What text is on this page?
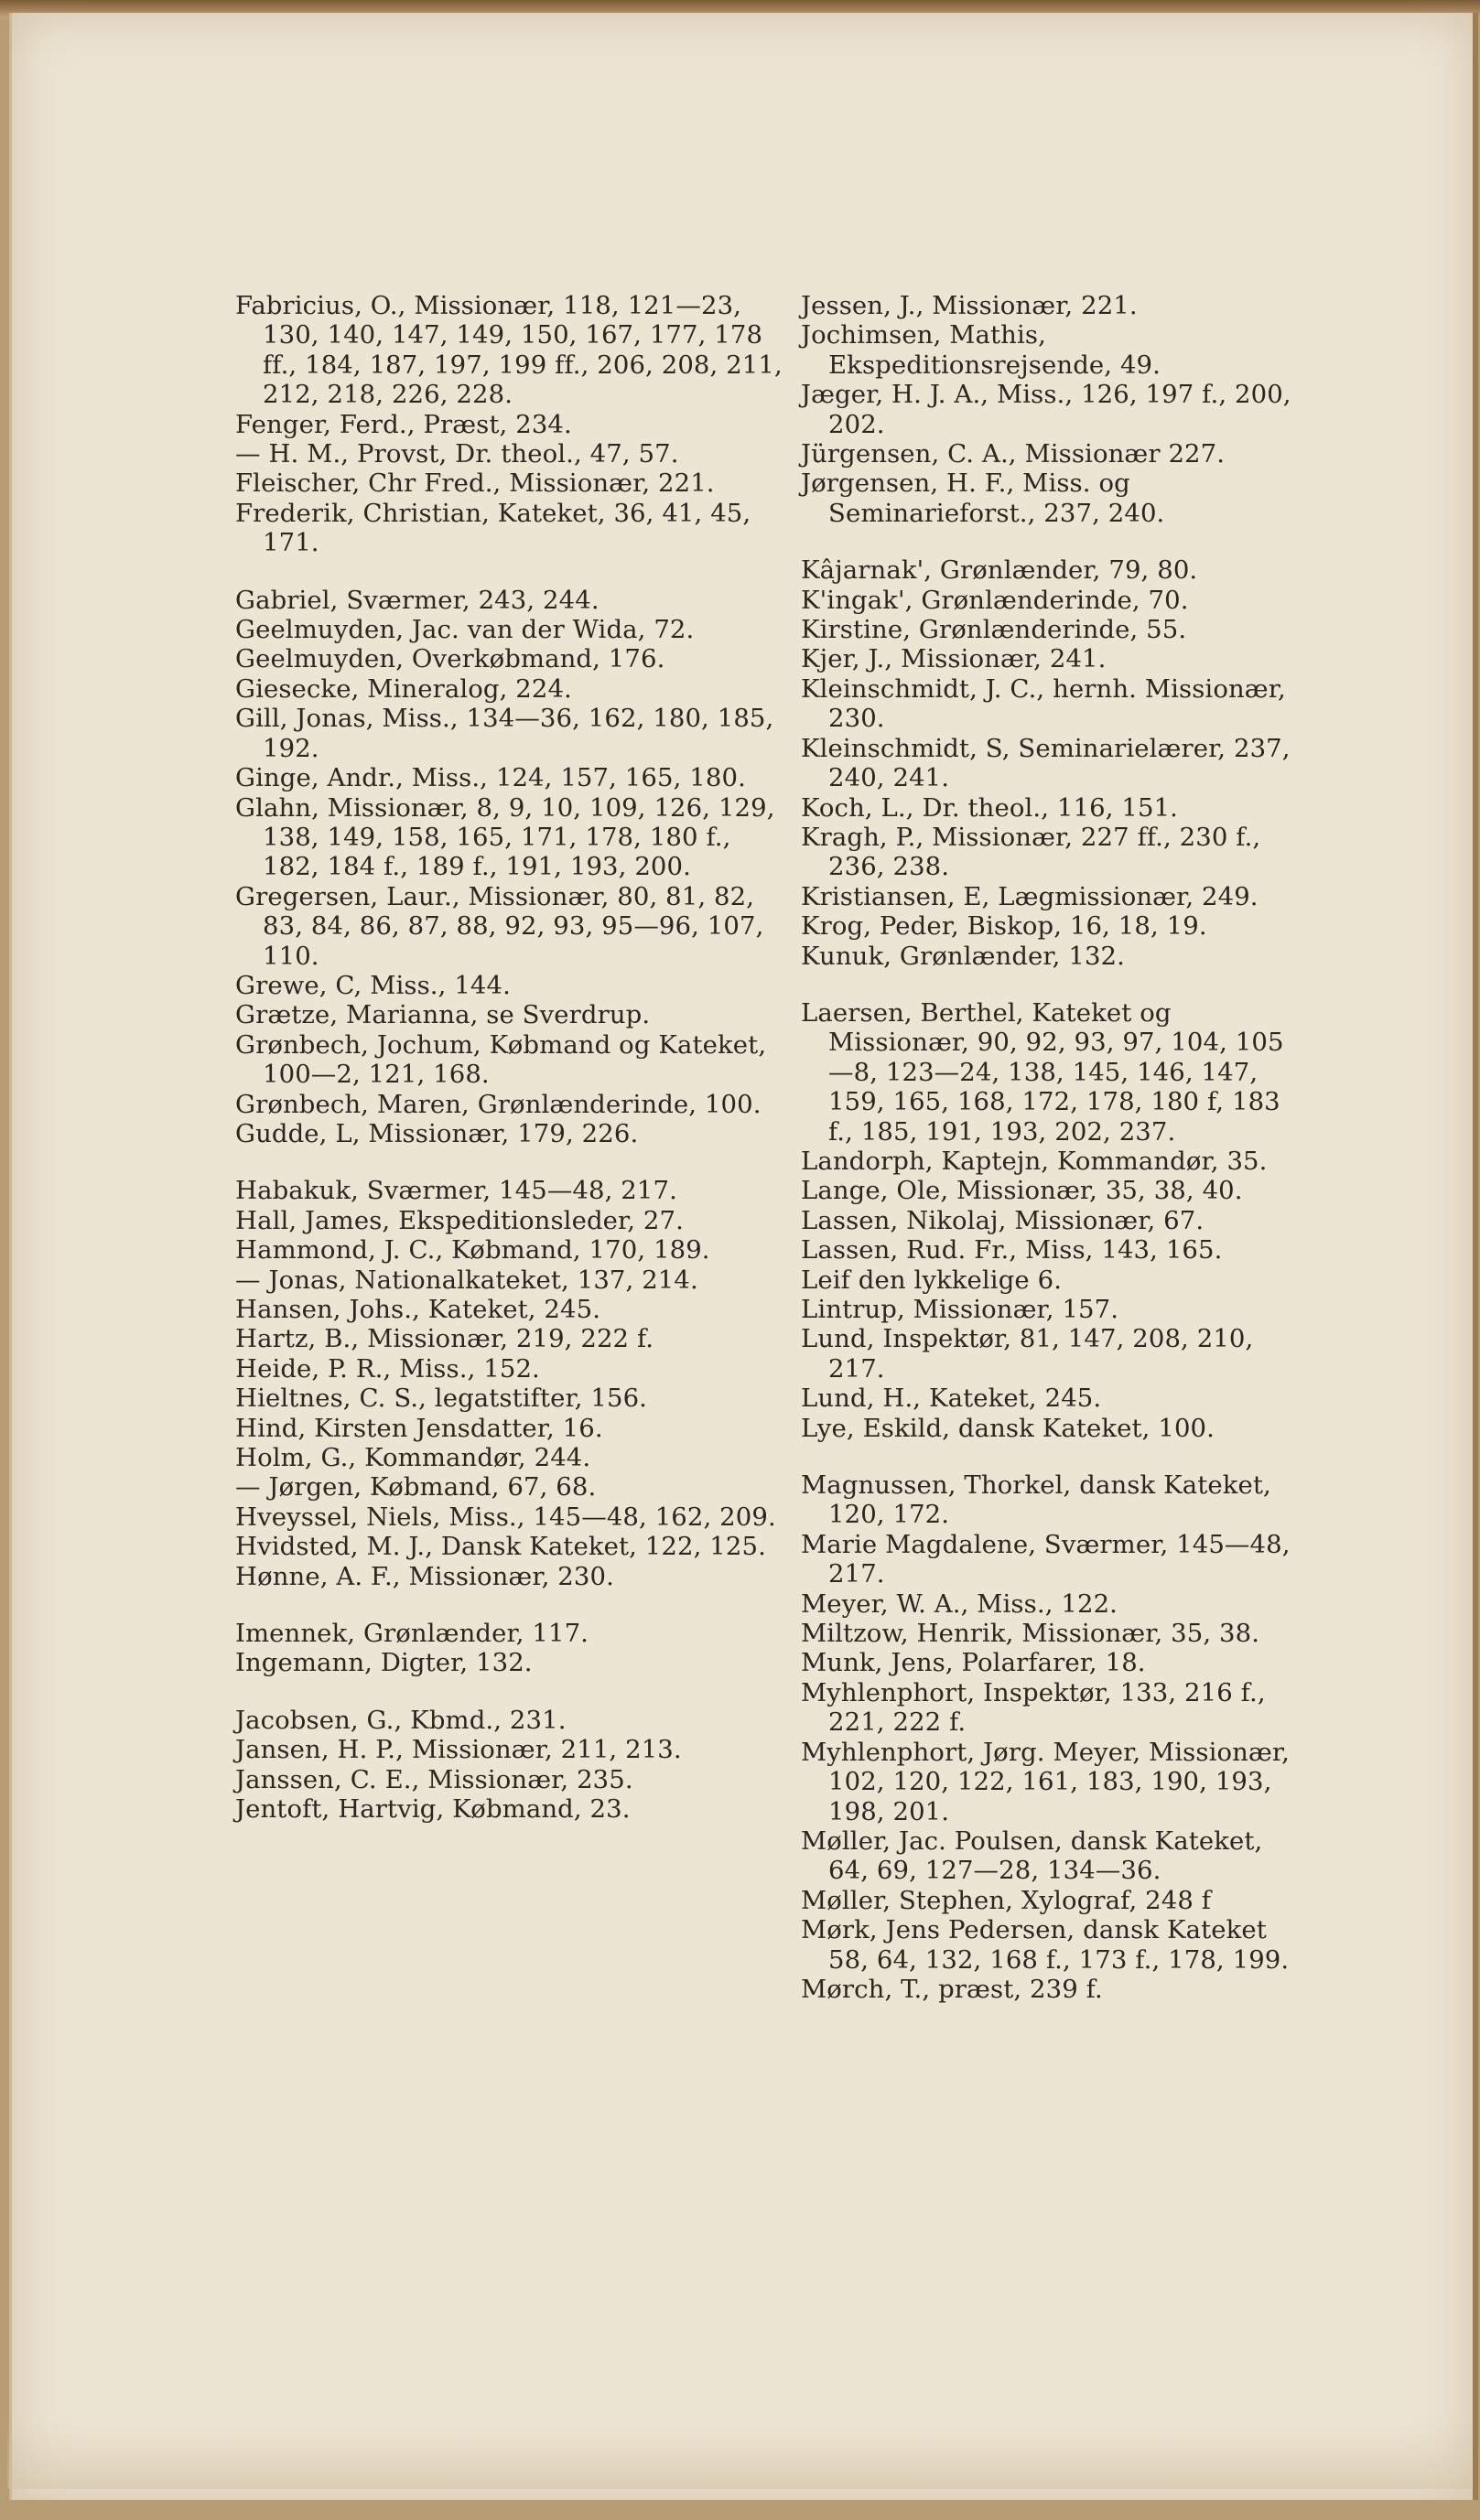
Fabricius, O., Missionær, 118, 121—23, 130, 140, 147, 149, 150, 167, 177, 178 ff., 184, 187, 197, 199 ff., 206, 208, 211, 212, 218, 226, 228.

Fenger, Ferd., Præst, 234.

— H. M., Provst, Dr. theol., 47, 57.

Fleischer, Chr Fred., Missionær, 221.

Frederik, Christian, Kateket, 36, 41, 45, 171.

Gabriel, Sværmer, 243, 244.

Geelmuyden, Jac. van der Wida, 72.

Geelmuyden, Overkøbmand, 176.

Giesecke, Mineralog, 224.

Gill, Jonas, Miss., 134—36, 162, 180, 185, 192.

Ginge, Andr., Miss., 124, 157, 165, 180.

Glahn, Missionær, 8, 9, 10, 109, 126, 129, 138, 149, 158, 165, 171, 178, 180 f., 182, 184 f., 189 f., 191, 193, 200.

Gregersen, Laur., Missionær, 80, 81, 82, 83, 84, 86, 87, 88, 92, 93, 95—96, 107, 110.

Grewe, C, Miss., 144.

Grætze, Marianna, se Sverdrup.

Grønbech, Jochum, Købmand og Kateket, 100—2, 121, 168.

Grønbech, Maren, Grønlænderinde, 100.

Gudde, L, Missionær, 179, 226.

Habakuk, Sværmer, 145—48, 217.

Hall, James, Ekspeditionsleder, 27.

Hammond, J. C., Købmand, 170, 189.

— Jonas, Nationalkateket, 137, 214.

Hansen, Johs., Kateket, 245.

Hartz, B., Missionær, 219, 222 f.

Heide, P. R., Miss., 152.

Hieltnes, C. S., legatstifter, 156.

Hind, Kirsten Jensdatter, 16.

Holm, G., Kommandør, 244.

— Jørgen, Købmand, 67, 68.

Hveyssel, Niels, Miss., 145—48, 162, 209.

Hvidsted, M. J., Dansk Kateket, 122, 125.

Hønne, A. F., Missionær, 230.

Imennek, Grønlænder, 117.

Ingemann, Digter, 132.

Jacobsen, G., Kbmd., 231.

Jansen, H. P., Missionær, 211, 213.

Janssen, C. E., Missionær, 235.

Jentoft, Hartvig, Købmand, 23.

Jessen, J., Missionær, 221.

Jochimsen, Mathis, Ekspeditionsrejsende, 49.

Jæger, H. J. A., Miss., 126, 197 f., 200, 202.

Jürgensen, C. A., Missionær 227.

Jørgensen, H. F., Miss. og Seminarieforst., 237, 240.

Kâjarnak', Grønlænder, 79, 80.

K'ingak', Grønlænderinde, 70.

Kirstine, Grønlænderinde, 55.

Kjer, J., Missionær, 241.

Kleinschmidt, J. C., hernh. Missionær, 230.

Kleinschmidt, S, Seminarielærer, 237, 240, 241.

Koch, L., Dr. theol., 116, 151.

Kragh, P., Missionær, 227 ff., 230 f., 236, 238.

Kristiansen, E, Lægmissionær, 249.

Krog, Peder, Biskop, 16, 18, 19.

Kunuk, Grønlænder, 132.

Laersen, Berthel, Kateket og Missionær, 90, 92, 93, 97, 104, 105—8, 123—24, 138, 145, 146, 147, 159, 165, 168, 172, 178, 180 f, 183 f., 185, 191, 193, 202, 237.

Landorph, Kaptejn, Kommandør, 35.

Lange, Ole, Missionær, 35, 38, 40.

Lassen, Nikolaj, Missionær, 67.

Lassen, Rud. Fr., Miss, 143, 165.

Leif den lykkelige 6.

Lintrup, Missionær, 157.

Lund, Inspektør, 81, 147, 208, 210, 217.

Lund, H., Kateket, 245.

Lye, Eskild, dansk Kateket, 100.

Magnussen, Thorkel, dansk Kateket, 120, 172.

Marie Magdalene, Sværmer, 145—48, 217.

Meyer, W. A., Miss., 122.

Miltzow, Henrik, Missionær, 35, 38.

Munk, Jens, Polarfarer, 18.

Myhlenphort, Inspektør, 133, 216 f., 221, 222 f.

Myhlenphort, Jørg. Meyer, Missionær, 102, 120, 122, 161, 183, 190, 193, 198, 201.

Møller, Jac. Poulsen, dansk Kateket, 64, 69, 127—28, 134—36.

Møller, Stephen, Xylograf, 248 f

Mørk, Jens Pedersen, dansk Kateket 58, 64, 132, 168 f., 173 f., 178, 199.

Mørch, T., præst, 239 f.
